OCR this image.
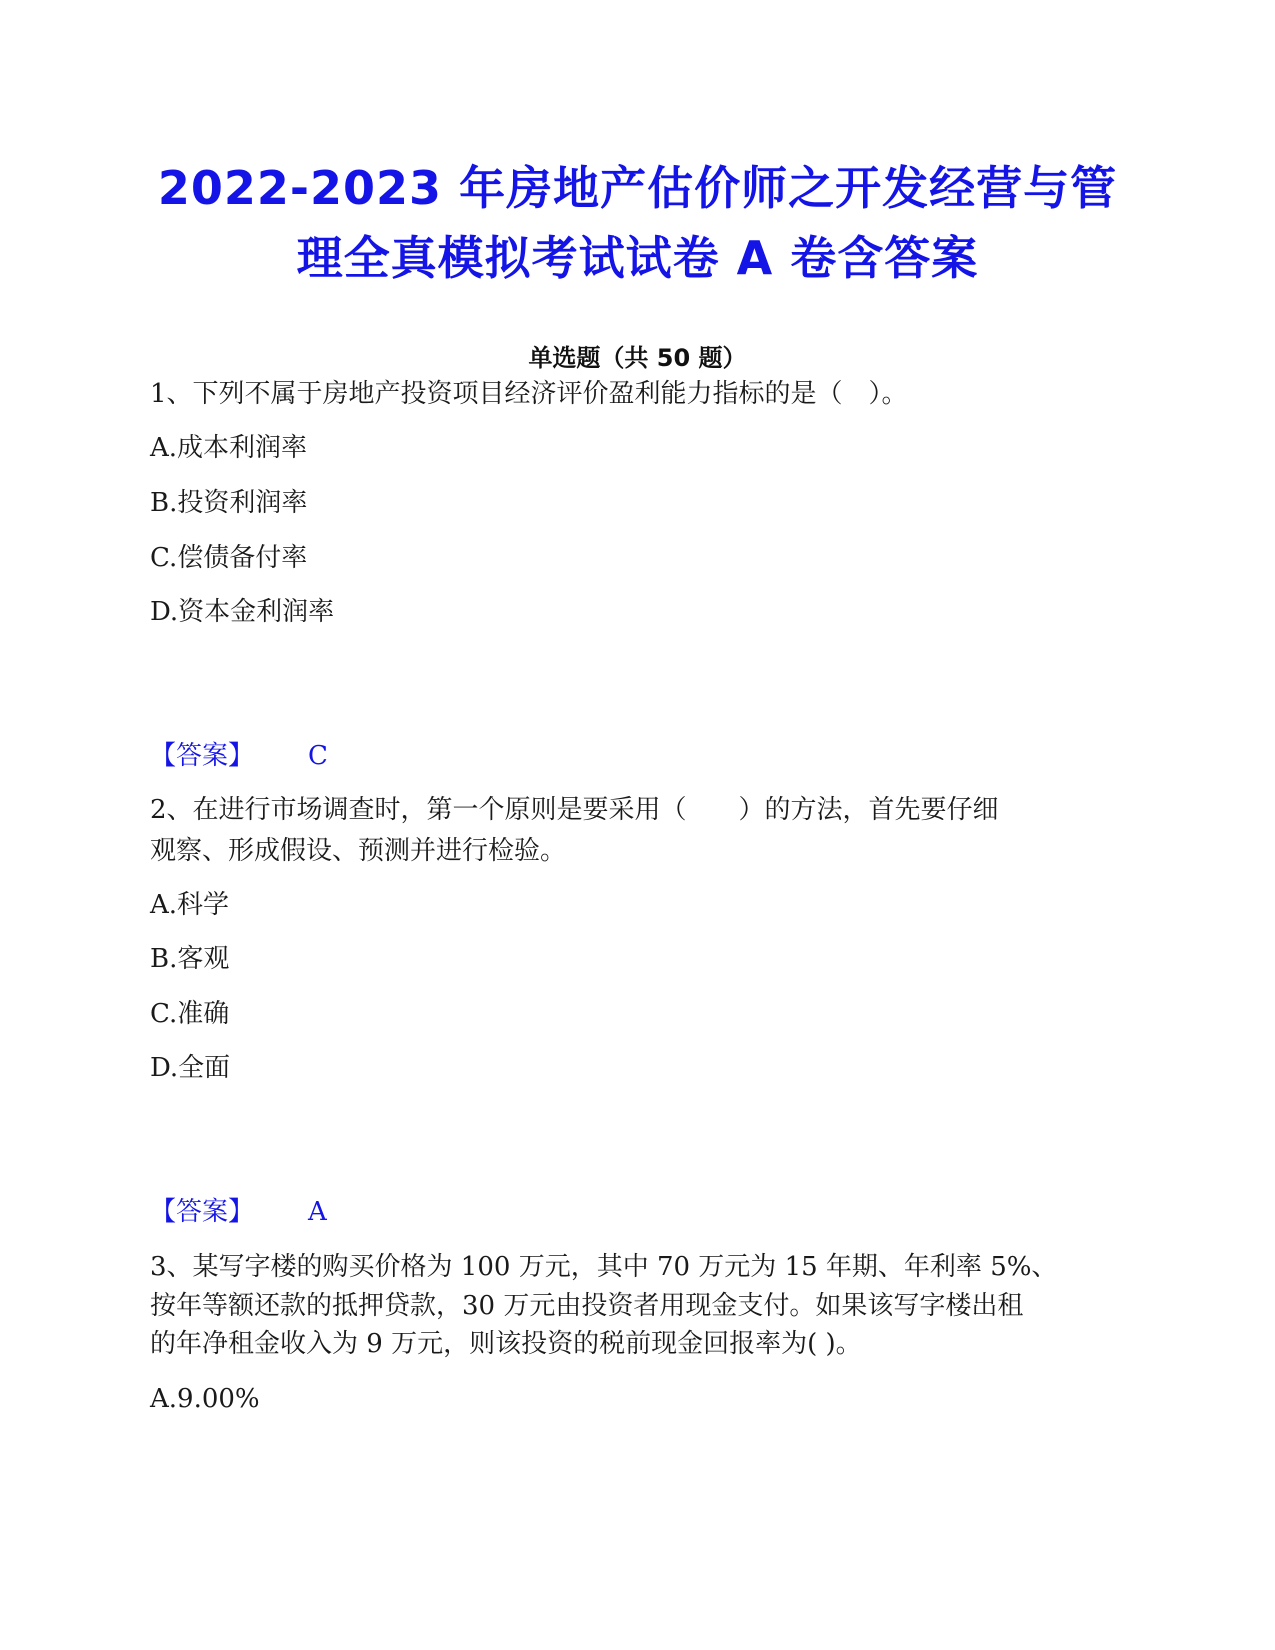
2022-2023 年房地产估价师之开发经营与管
理全真模拟考试试卷 A 卷含答案
单选题（共 50 题）
1、下列不属于房地产投资项目经济评价盈利能力指标的是（　）。
A.成本利润率
B.投资利润率
C.偿债备付率
D.资本金利润率
【答案】 C
2、在进行市场调查时，第一个原则是要采用（　　）的方法，首先要仔细
观察、形成假设、预测并进行检验。
A.科学
B.客观
C.准确
D.全面
【答案】 A
3、某写字楼的购买价格为 100 万元，其中 70 万元为 15 年期、年利率 5%、
按年等额还款的抵押贷款，30 万元由投资者用现金支付。如果该写字楼出租
的年净租金收入为 9 万元，则该投资的税前现金回报率为( )。
A.9.00%
